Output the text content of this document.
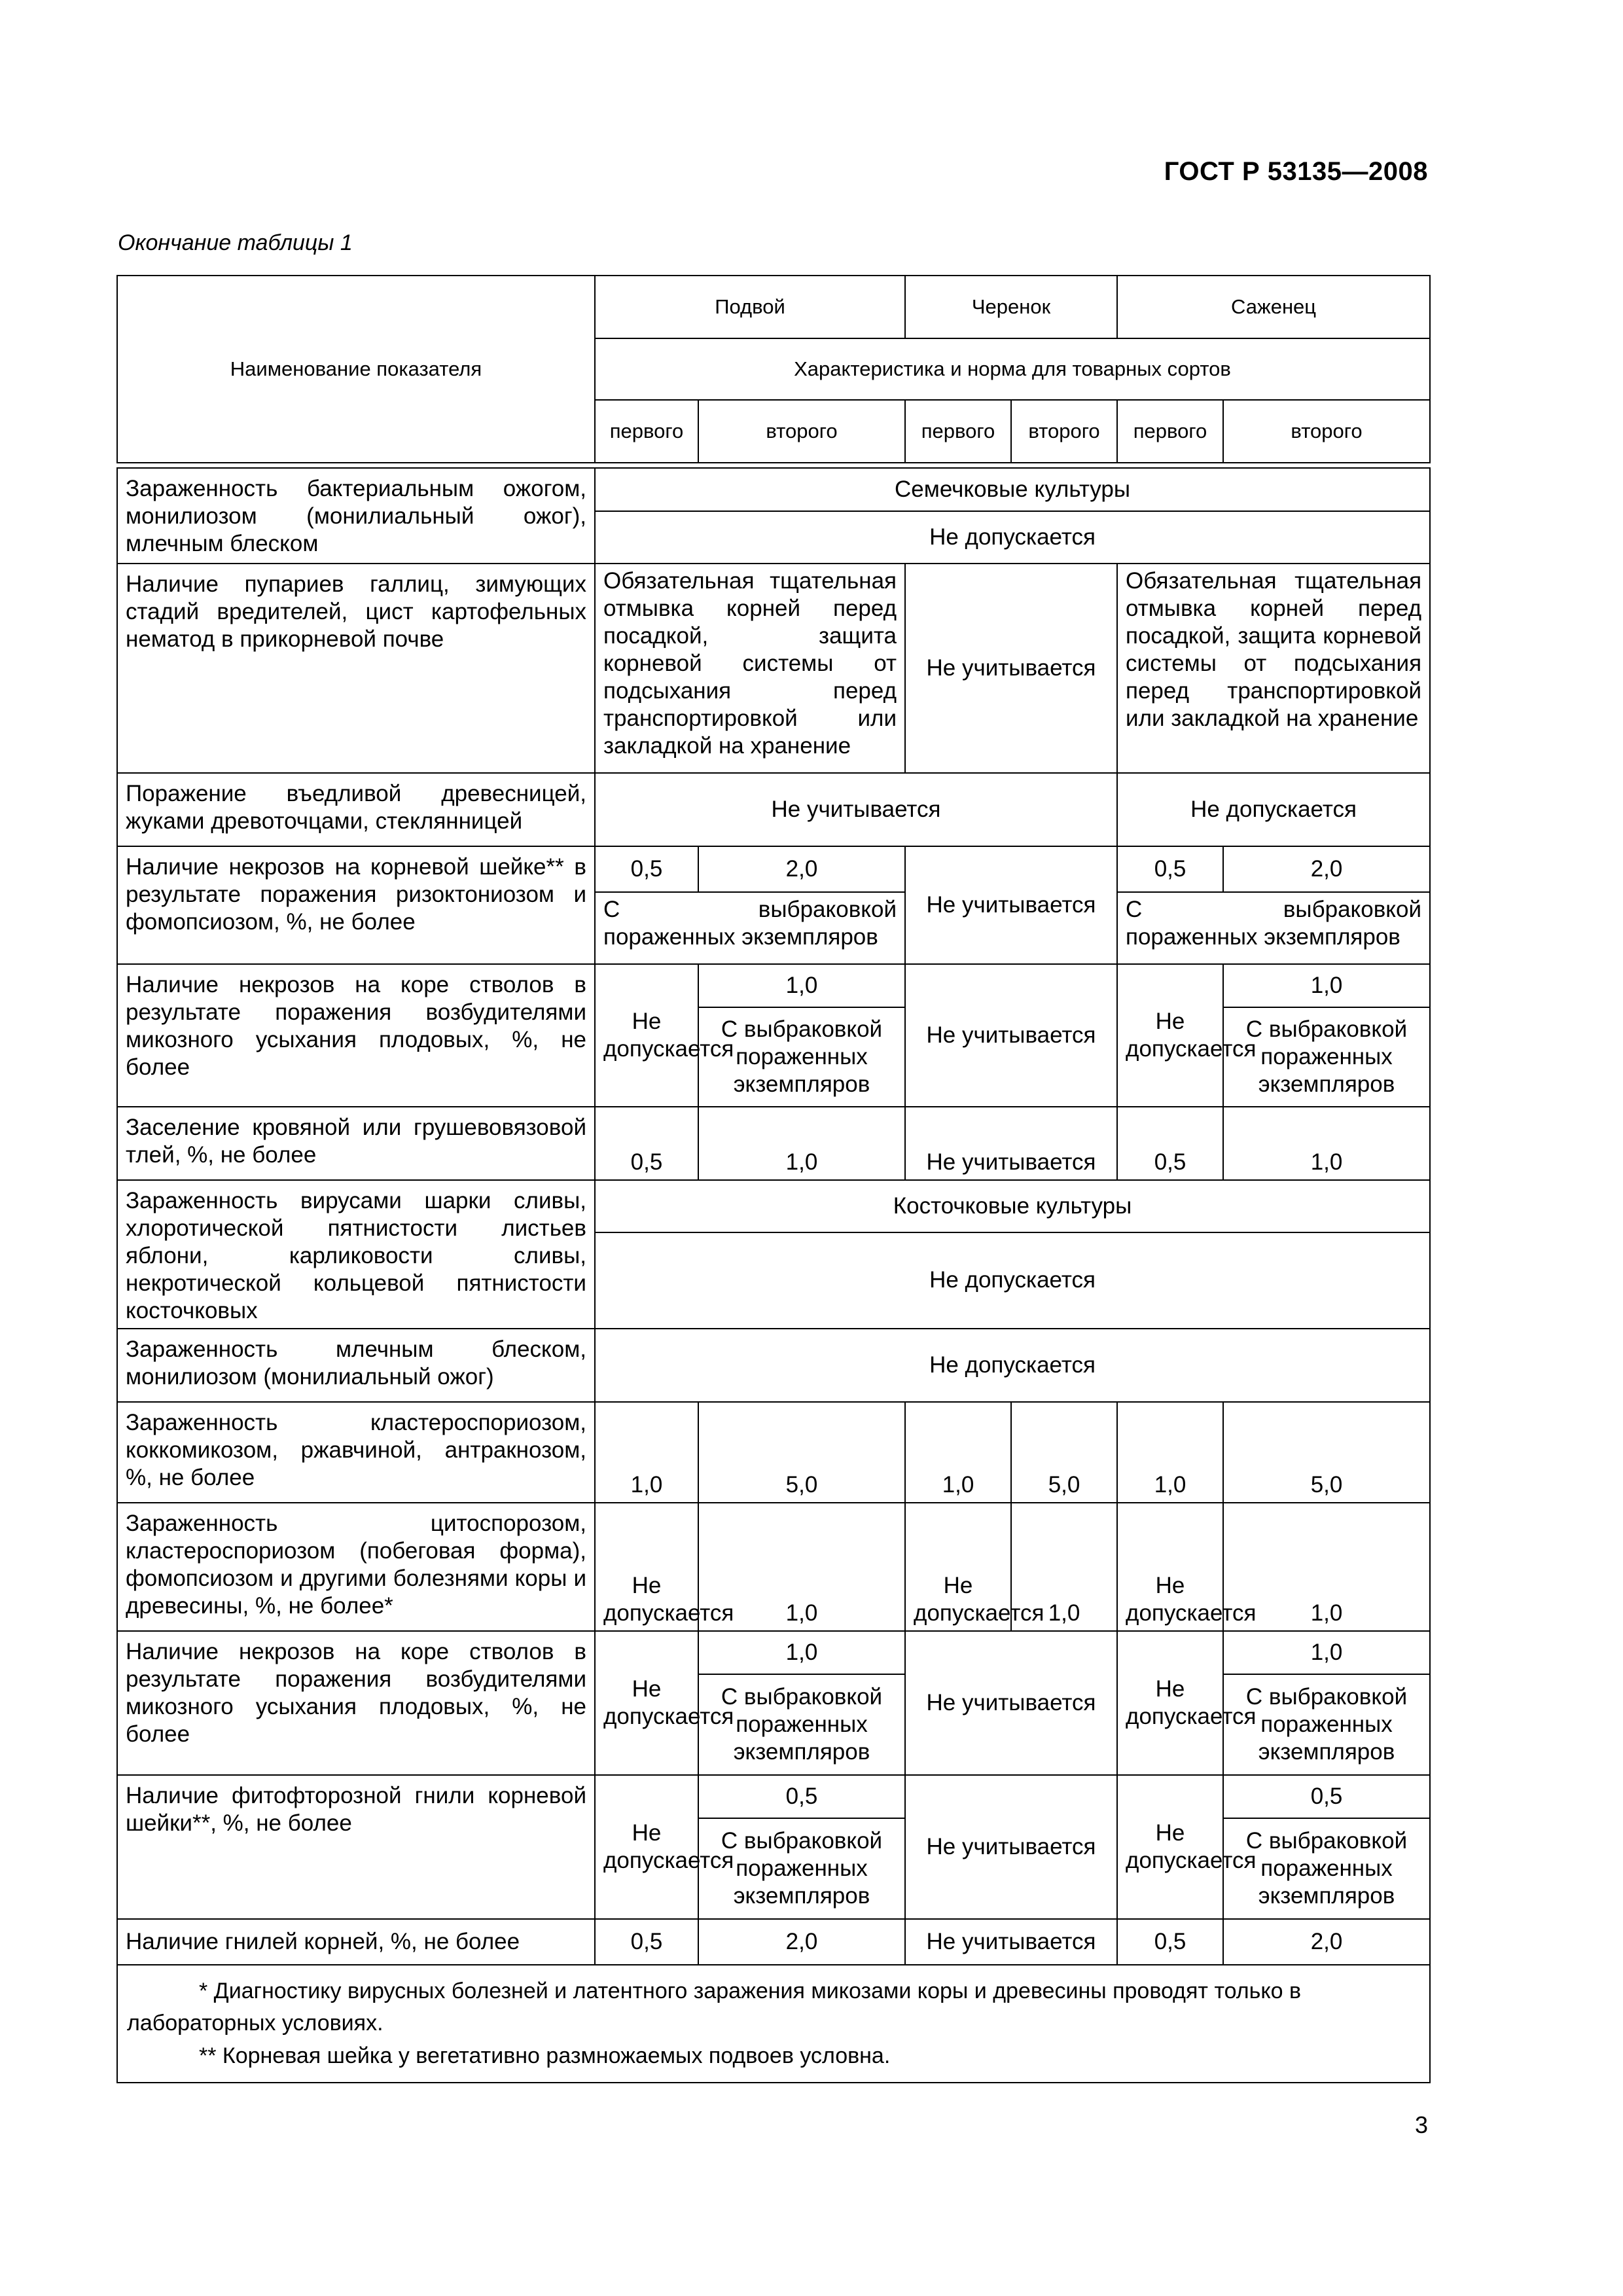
ГОСТ Р 53135—2008
Окончание таблицы 1
Наименование показателя	Подвой		Черенок		Саженец	
	Характеристика и норма для товарных сортов					
	первого	второго	первого	второго	первого	второго

Зараженность бактериальным ожогом, монилиозом (монилиальный ожог), млечным блеском	Семечковые культуры					
	Не допускается					
Наличие пупариев галлиц, зимующих стадий вредителей, цист картофельных нематод в прикорневой почве	Обязательная тщательная отмывка корней перед посадкой, защита корневой системы от подсыхания перед транспортировкой или закладкой на хранение		Не учитывается		Обязательная тщательная отмывка корней перед посадкой, защита корневой системы от подсыхания перед транспортировкой или закладкой на хранение	
Поражение въедливой древесницей, жуками древоточцами, стеклянницей	Не учитывается				Не допускается	
Наличие некрозов на корневой шейке** в результате поражения ризоктониозом и фомопсиозом, %, не более	0,5	2,0	Не учитывается		0,5	2,0
	С выбраковкой пораженных экземпляров				С выбраковкой пораженных экземпляров	
Наличие некрозов на коре стволов в результате поражения возбудителями микозного усыхания плодовых, %, не более	Не допускается	1,0	Не учитывается		Не допускается	1,0
		С выбраковкой пораженных экземпляров				С выбраковкой пораженных экземпляров
Заселение кровяной или грушевовязовой тлей, %, не более	0,5	1,0	Не учитывается		0,5	1,0
Зараженность вирусами шарки сливы, хлоротической пятнистости листьев яблони, карликовости сливы, некротической кольцевой пятнистости косточковых	Косточковые культуры					
	Не допускается					
Зараженность млечным блеском, монилиозом (монилиальный ожог)	Не допускается					
Зараженность кластероспориозом, коккомикозом, ржавчиной, антракнозом, %, не более	1,0	5,0	1,0	5,0	1,0	5,0
Зараженность цитоспорозом, кластероспориозом (побеговая форма), фомопсиозом и другими болезнями коры и древесины, %, не более*	Не допускается	1,0	Не допускается	1,0	Не допускается	1,0
Наличие некрозов на коре стволов в результате поражения возбудителями микозного усыхания плодовых, %, не более	Не допускается	1,0	Не учитывается		Не допускается	1,0
		С выбраковкой пораженных экземпляров				С выбраковкой пораженных экземпляров
Наличие фитофторозной гнили корневой шейки**, %, не более	Не допускается	0,5	Не учитывается		Не допускается	0,5
		С выбраковкой пораженных экземпляров				С выбраковкой пораженных экземпляров
Наличие гнилей корней, %, не более	0,5	2,0	Не учитывается		0,5	2,0

* Диагностику вирусных болезней и латентного заражения микозами коры и древесины проводят только в лабораторных условиях.

** Корневая шейка у вегетативно размножаемых подвоев условна.						

3
